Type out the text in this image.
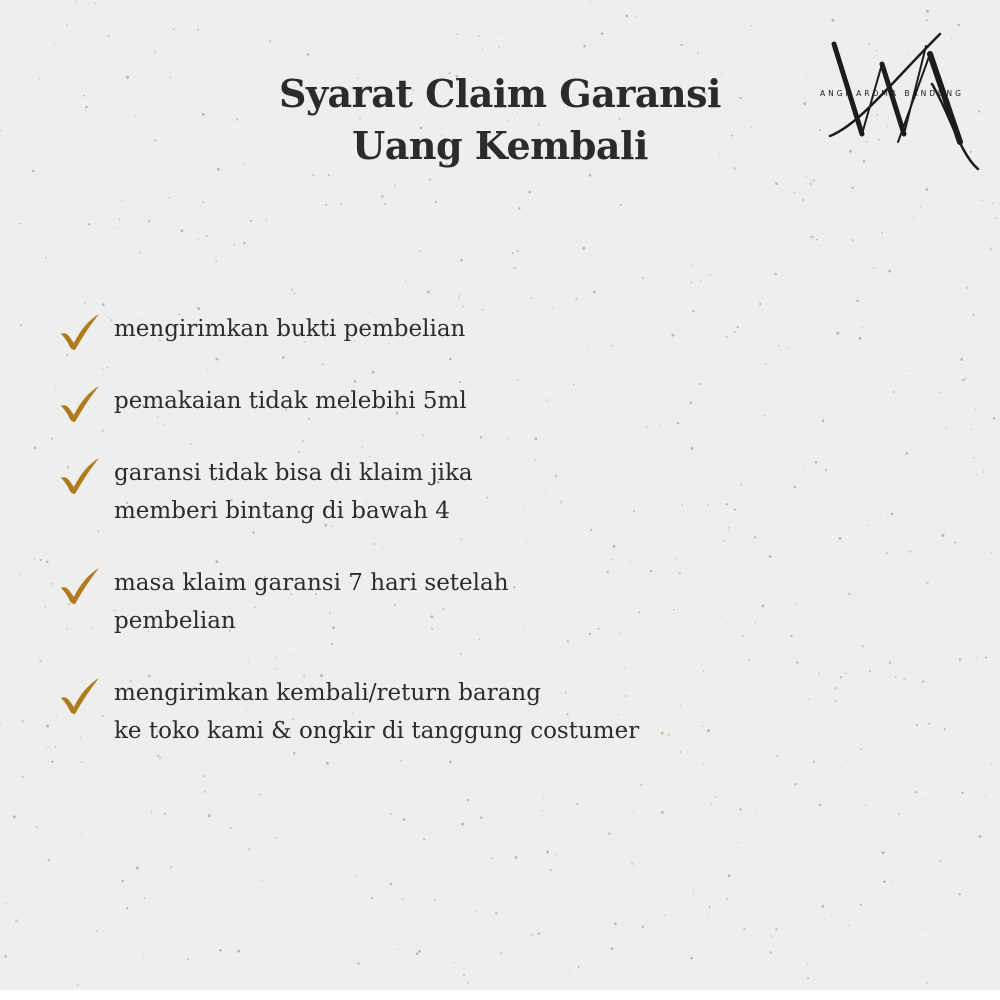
Syarat Claim Garansi
Uang Kembali
WANGI AROMA BANDUNG
mengirimkan bukti pembelian
pemakaian tidak melebihi 5ml
garansi tidak bisa di klaim jika
memberi bintang di bawah 4
masa klaim garansi 7 hari setelah
pembelian
mengirimkan kembali/return barang
ke toko kami & ongkir di tanggung costumer
